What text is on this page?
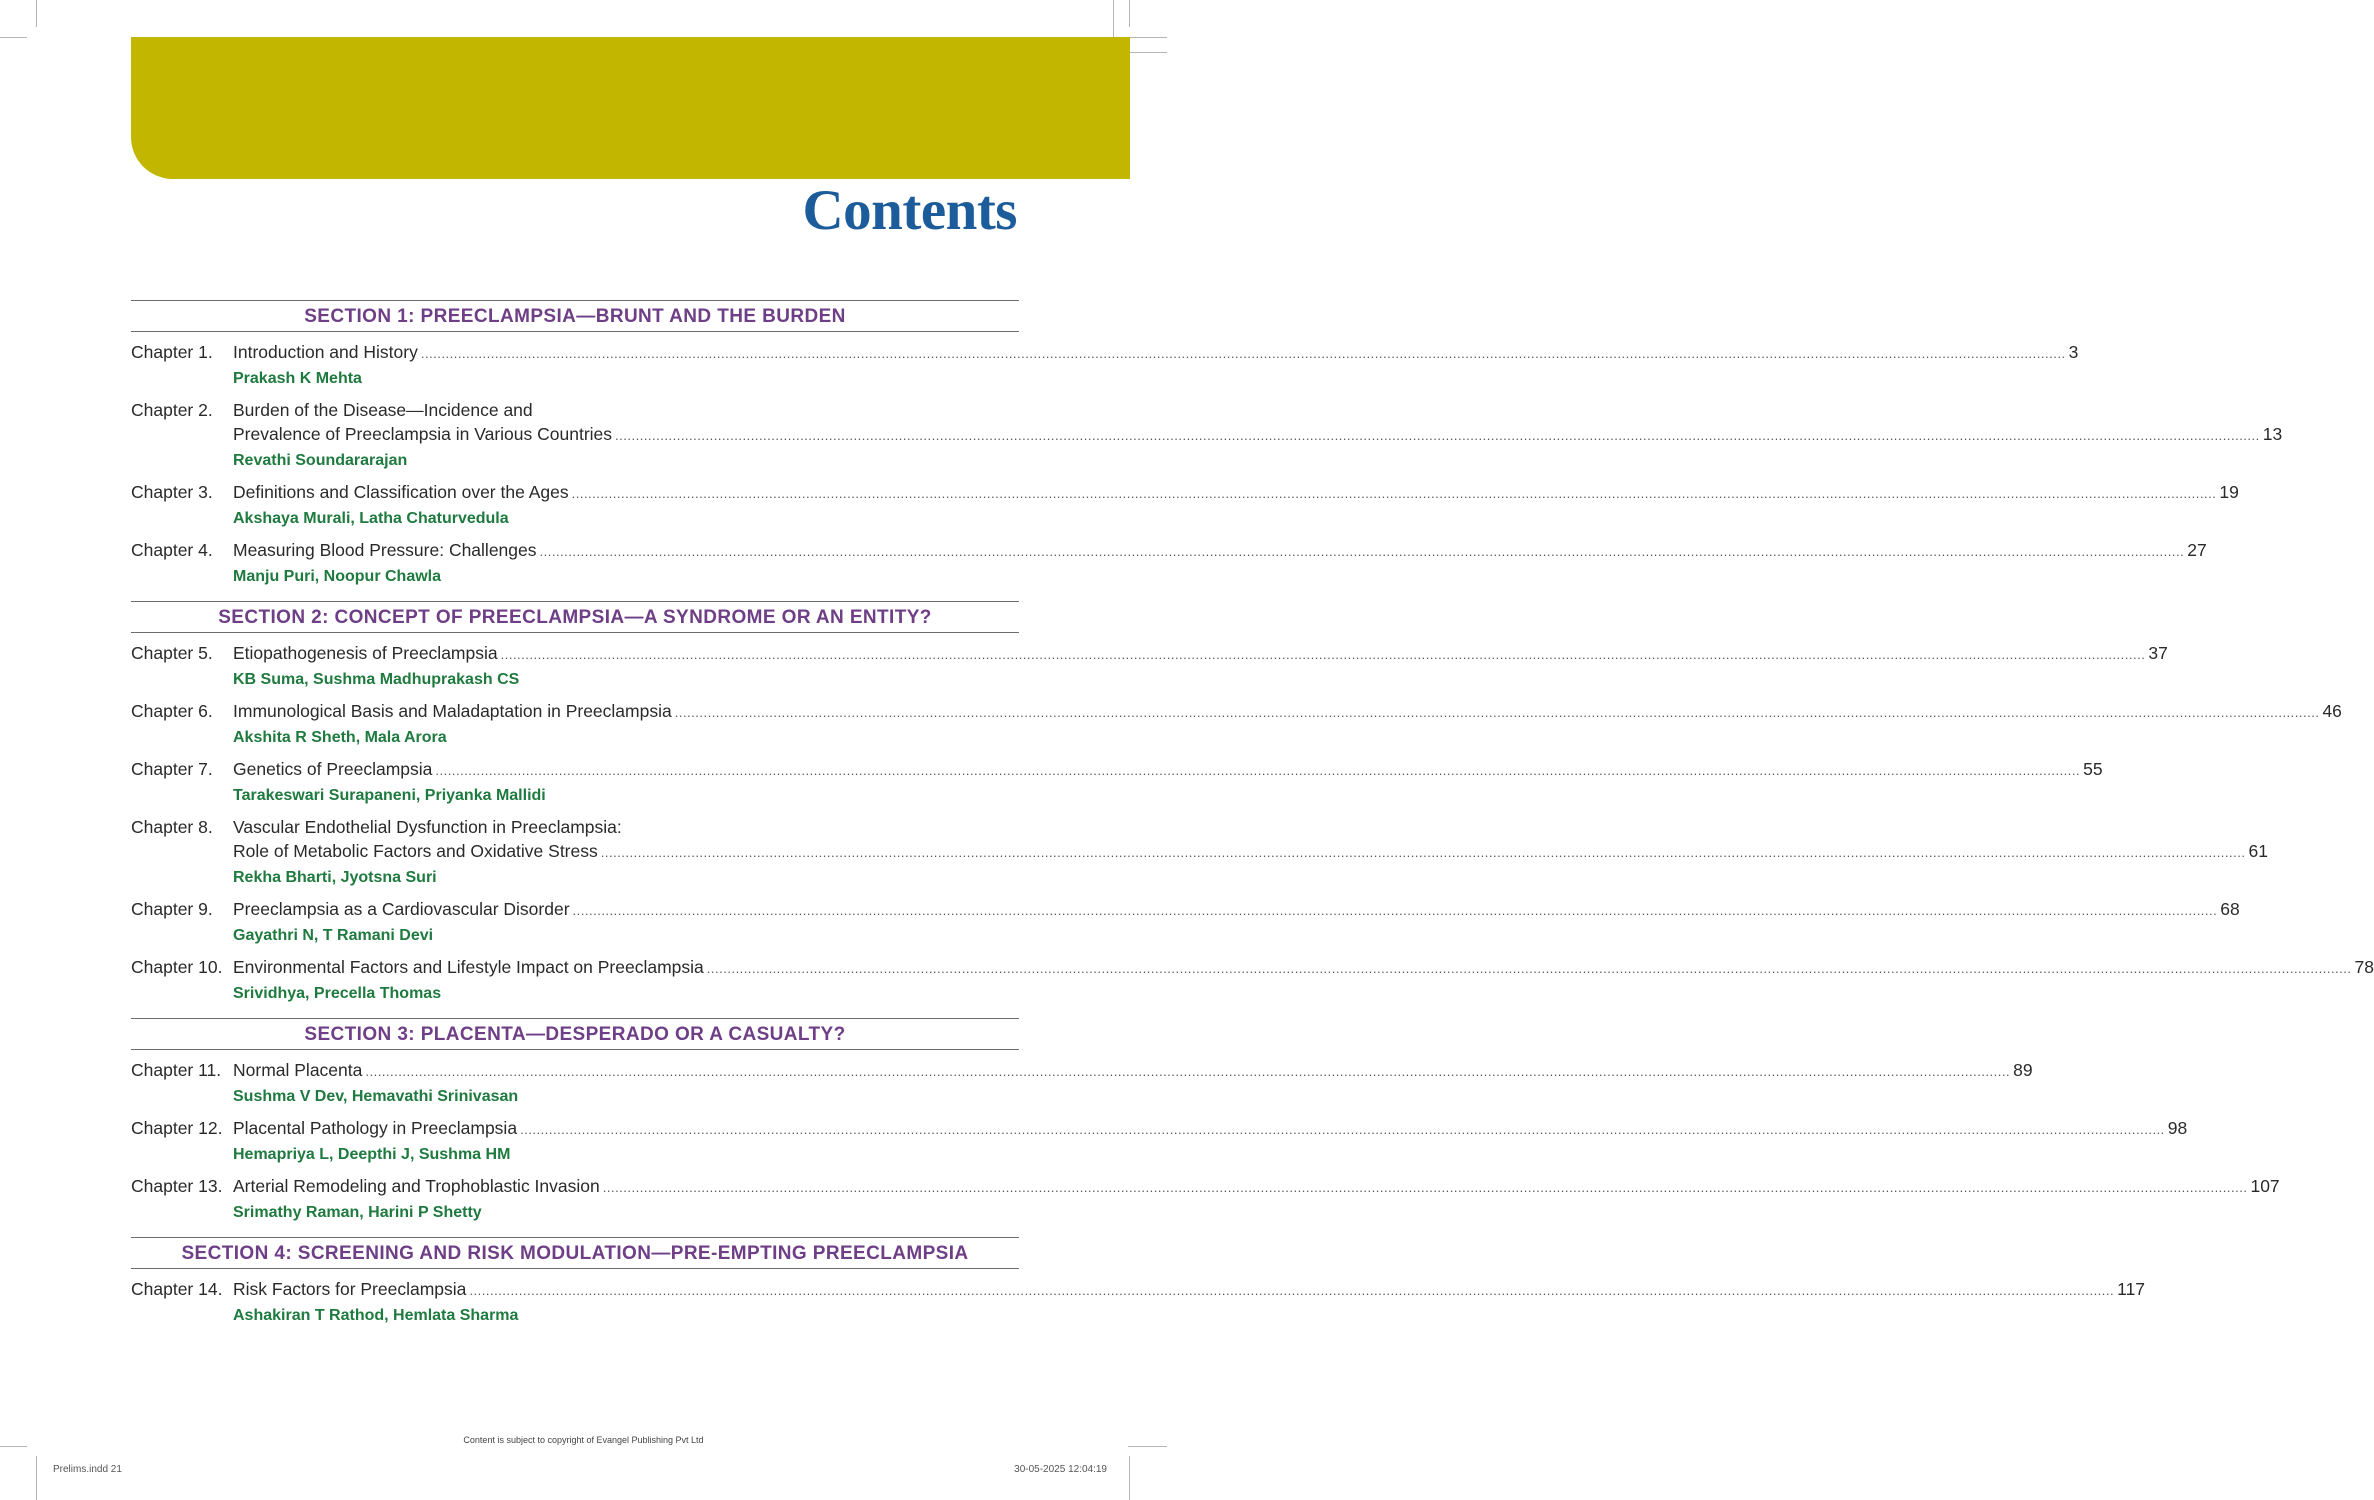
Contents
SECTION 1: PREECLAMPSIA—BRUNT AND THE BURDEN
Chapter 1. Introduction and History ................................................................................................................................................................................................................................................................................................................................................................................................................ 3
Prakash K Mehta
Chapter 2. Burden of the Disease—Incidence and
Prevalence of Preeclampsia in Various Countries ................................................................................................................................................................................................................................................................................................................................................................................................................ 13
Revathi Soundararajan
Chapter 3. Definitions and Classification over the Ages ................................................................................................................................................................................................................................................................................................................................................................................................................ 19
Akshaya Murali, Latha Chaturvedula
Chapter 4. Measuring Blood Pressure: Challenges ................................................................................................................................................................................................................................................................................................................................................................................................................ 27
Manju Puri, Noopur Chawla
SECTION 2: CONCEPT OF PREECLAMPSIA—A SYNDROME OR AN ENTITY?
Chapter 5. Etiopathogenesis of Preeclampsia ................................................................................................................................................................................................................................................................................................................................................................................................................ 37
KB Suma, Sushma Madhuprakash CS
Chapter 6. Immunological Basis and Maladaptation in Preeclampsia ................................................................................................................................................................................................................................................................................................................................................................................................................ 46
Akshita R Sheth, Mala Arora
Chapter 7. Genetics of Preeclampsia ................................................................................................................................................................................................................................................................................................................................................................................................................ 55
Tarakeswari Surapaneni, Priyanka Mallidi
Chapter 8. Vascular Endothelial Dysfunction in Preeclampsia:
Role of Metabolic Factors and Oxidative Stress ................................................................................................................................................................................................................................................................................................................................................................................................................ 61
Rekha Bharti, Jyotsna Suri
Chapter 9. Preeclampsia as a Cardiovascular Disorder ................................................................................................................................................................................................................................................................................................................................................................................................................ 68
Gayathri N, T Ramani Devi
Chapter 10. Environmental Factors and Lifestyle Impact on Preeclampsia ................................................................................................................................................................................................................................................................................................................................................................................................................ 78
Srividhya, Precella Thomas
SECTION 3: PLACENTA—DESPERADO OR A CASUALTY?
Chapter 11. Normal Placenta ................................................................................................................................................................................................................................................................................................................................................................................................................ 89
Sushma V Dev, Hemavathi Srinivasan
Chapter 12. Placental Pathology in Preeclampsia ................................................................................................................................................................................................................................................................................................................................................................................................................ 98
Hemapriya L, Deepthi J, Sushma HM
Chapter 13. Arterial Remodeling and Trophoblastic Invasion ................................................................................................................................................................................................................................................................................................................................................................................................................ 107
Srimathy Raman, Harini P Shetty
SECTION 4: SCREENING AND RISK MODULATION—PRE-EMPTING PREECLAMPSIA
Chapter 14. Risk Factors for Preeclampsia ................................................................................................................................................................................................................................................................................................................................................................................................................ 117
Ashakiran T Rathod, Hemlata Sharma
Content is subject to copyright of Evangel Publishing Pvt Ltd
Prelims.indd 21	30-05-2025 12:04:19
